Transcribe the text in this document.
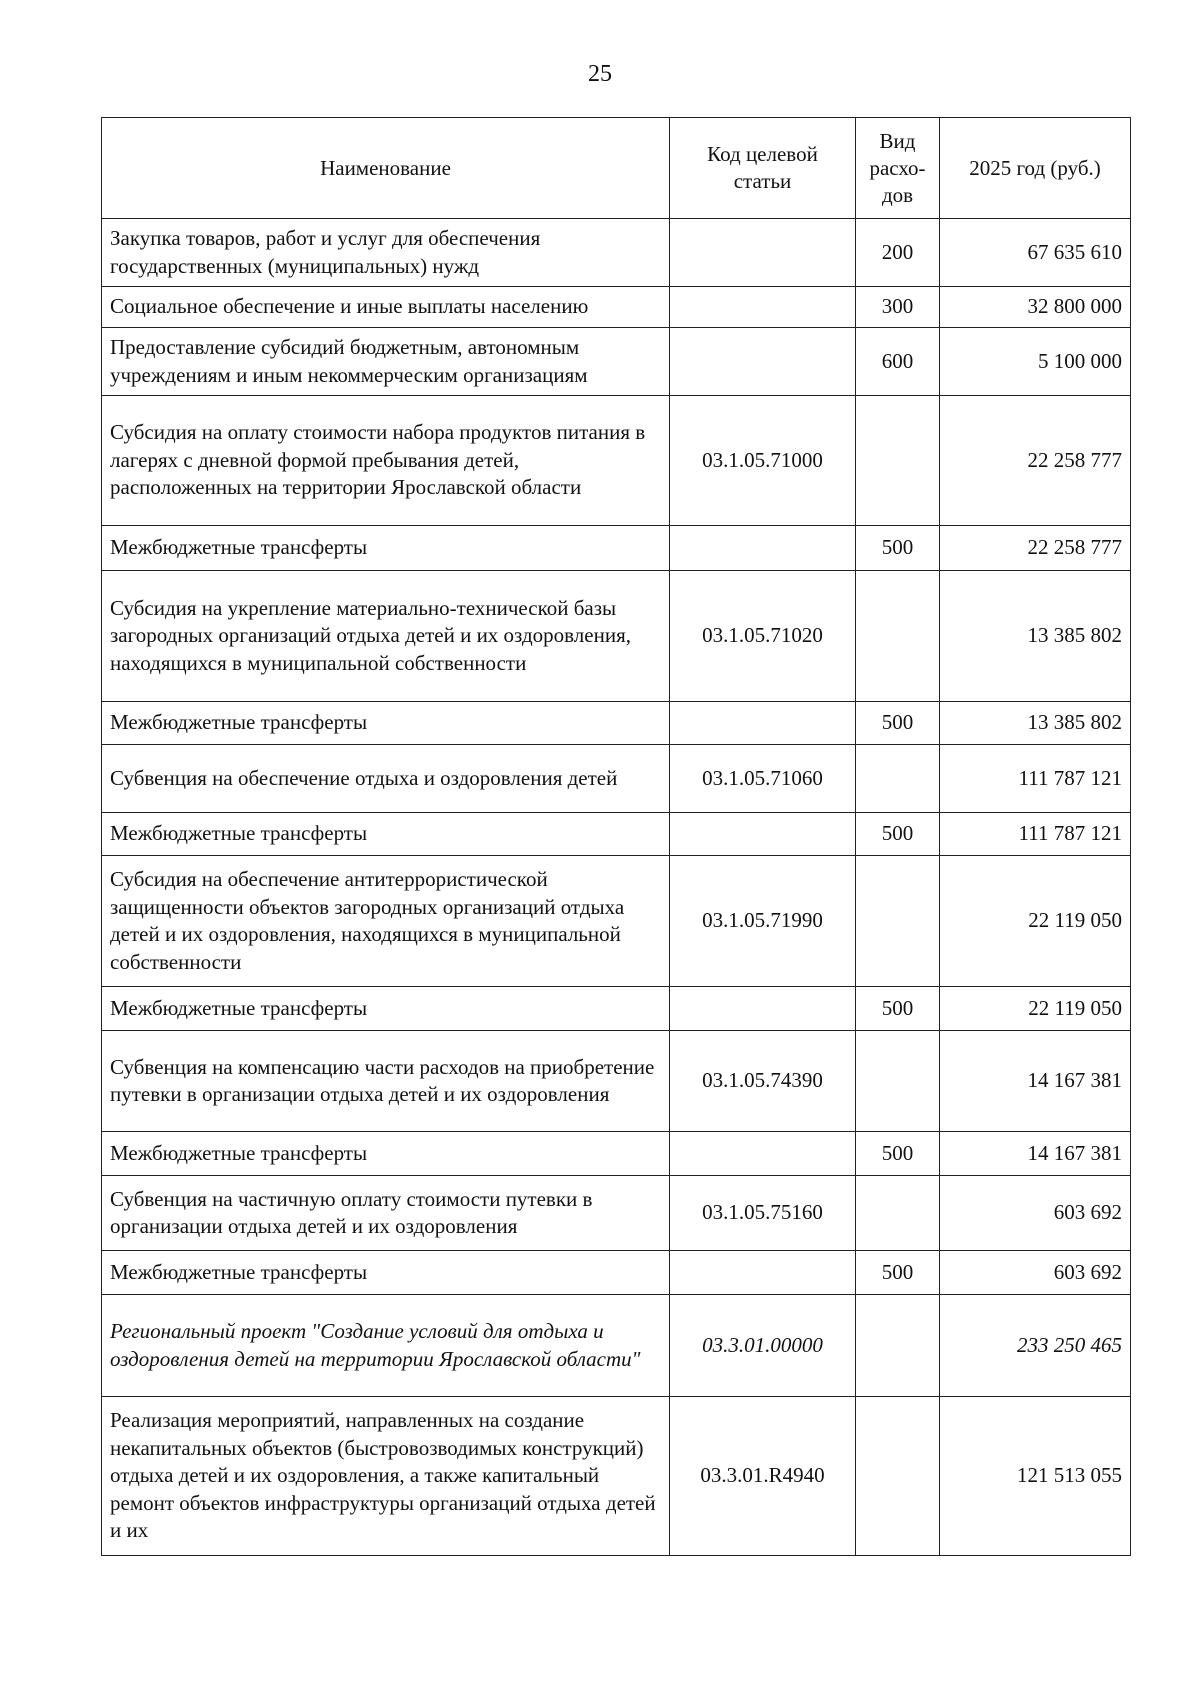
25
Наименование	Код целевой статьи	Вид расхо-дов	2025 год (руб.)
Закупка товаров, работ и услуг для обеспечения государственных (муниципальных) нужд		200	67 635 610
Социальное обеспечение и иные выплаты населению		300	32 800 000
Предоставление субсидий бюджетным, автономным учреждениям и иным некоммерческим организациям		600	5 100 000
Субсидия на оплату стоимости набора продуктов питания в лагерях с дневной формой пребывания детей, расположенных на территории Ярославской области	03.1.05.71000		22 258 777
Межбюджетные трансферты		500	22 258 777
Субсидия на укрепление материально-технической базы загородных организаций отдыха детей и их оздоровления, находящихся в муниципальной собственности	03.1.05.71020		13 385 802
Межбюджетные трансферты		500	13 385 802
Субвенция на обеспечение отдыха и оздоровления детей	03.1.05.71060		111 787 121
Межбюджетные трансферты		500	111 787 121
Субсидия на обеспечение антитеррористической защищенности объектов загородных организаций отдыха детей и их оздоровления, находящихся в муниципальной собственности	03.1.05.71990		22 119 050
Межбюджетные трансферты		500	22 119 050
Субвенция на компенсацию части расходов на приобретение путевки в организации отдыха детей и их оздоровления	03.1.05.74390		14 167 381
Межбюджетные трансферты		500	14 167 381
Субвенция на частичную оплату стоимости путевки в организации отдыха детей и их оздоровления	03.1.05.75160		603 692
Межбюджетные трансферты		500	603 692
Региональный проект "Создание условий для отдыха и оздоровления детей на территории Ярославской области"	03.3.01.00000		233 250 465
Реализация мероприятий, направленных на создание некапитальных объектов (быстровозводимых конструкций) отдыха детей и их оздоровления, а также капитальный ремонт объектов инфраструктуры организаций отдыха детей и их	03.3.01.R4940		121 513 055
